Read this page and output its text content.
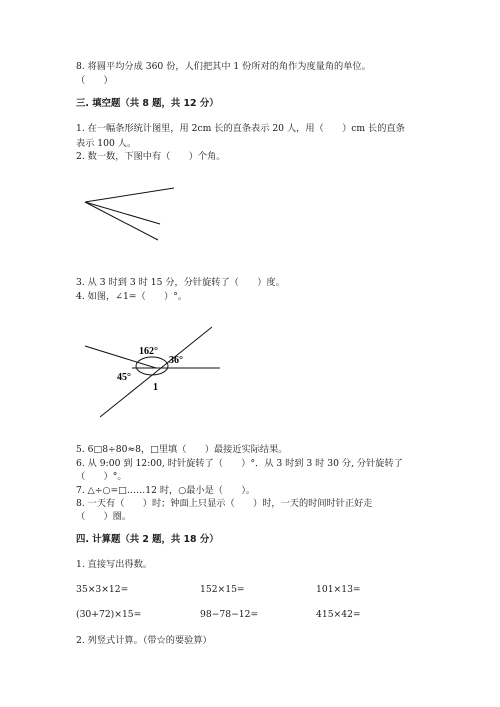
8. 将圆平均分成 360 份，人们把其中 1 份所对的角作为度量角的单位。
（　　）
三. 填空题（共 8 题，共 12 分）
1. 在一幅条形统计图里，用 2cm 长的直条表示 20 人，用（　　）cm 长的直条
表示 100 人。
2. 数一数，下图中有（　　）个角。
3. 从 3 时到 3 时 15 分，分针旋转了（　　）度。
4. 如图，∠1=（　　）°。
162°
36°
45°
1
5. 6□8÷80≈8，□里填（　　）最接近实际结果。
6. 从 9:00 到 12:00, 时针旋转了（　　）°．从 3 时到 3 时 30 分, 分针旋转了
（　　）°。
7. △÷○=□……12 时，○最小是（　　）。
8. 一天有（　　）时；钟面上只显示（　　）时，一天的时间时针正好走
（　　）圈。
四. 计算题（共 2 题，共 18 分）
1. 直接写出得数。
35×3×12=	152×15=	101×13=
(30+72)×15=	98−78−12=	415×42=
2. 列竖式计算。（带☆的要验算）
